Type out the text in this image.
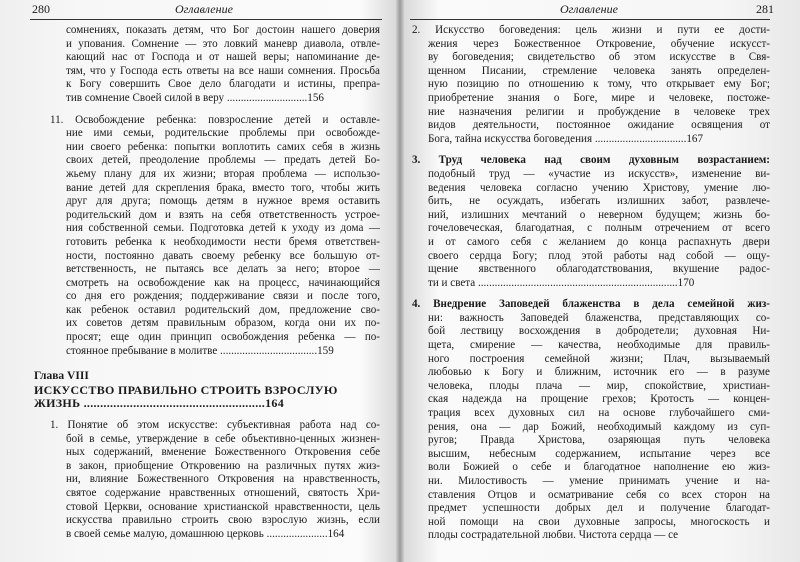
280	Оглавление
сомнениях, показать детям, что Бог достоин нашего доверия
и упования. Сомнение — это ловкий маневр диавола, отвле-
кающий нас от Господа и от нашей веры; напоминание де-
тям, что у Господа есть ответы на все наши сомнения. Просьба
к Богу совершить Свое дело благодати и истины, препра-
тив сомнение Своей силой в веру .............................156
11. Освобождение ребенка: повзросление детей и оставле-
ние ими семьи, родительские проблемы при освобожде-
нии своего ребенка: попытки воплотить самих себя в жизнь
своих детей, преодоление проблемы — предать детей Бо-
жьему плану для их жизни; вторая проблема — использо-
вание детей для скрепления брака, вместо того, чтобы жить
друг для друга; помощь детям в нужное время оставить
родительский дом и взять на себя ответственность устроe-
ния собственной семьи. Подготовка детей к уходу из дома —
готовить ребенка к необходимости нести бремя ответствен-
ности, постоянно давать своему ребенку все большую от-
ветственность, не пытаясь все делать за него; второе —
смотреть на освобождение как на процесс, начинающийся
со дня его рождения; поддерживание связи и после того,
как ребенок оставил родительский дом, предложение сво-
их советов детям правильным образом, когда они их по-
просят; еще один принцип освобождения ребенка — по-
стоянное пребывание в молитве ...................................159
Глава VIII
ИСКУССТВО ПРАВИЛЬНО СТРОИТЬ ВЗРОСЛУЮ
ЖИЗНЬ .......................................................164
1. Понятие об этом искусстве: субъективная работа над со-
бой в семье, утверждение в себе объективно-ценных жизнен-
ных содержаний, вменение Божественного Откровения себе
в закон, приобщение Откровению на различных путях жиз-
ни, влияние Божественного Откровения на нравственность,
святое содержание нравственных отношений, святость Хри-
стовой Церкви, основание христианской нравственности, цель
искусства правильно строить свою взрослую жизнь, если
в своей семье малую, домашнюю церковь ......................164
Оглавление	281
2. Искусство боговедения: цель жизни и пути ее дости-
жения через Божественное Откровение, обучение искусст-
ву боговедения; свидетельство об этом искусстве в Свя-
щенном Писании, стремление человека занять определен-
ную позицию по отношению к тому, что открывает ему Бог;
приобретение знания о Боге, мире и человеке, постоже-
ние назначения религии и пробуждение в человеке трех
видов деятельности, постоянное ожидание освящения от
Бога, тайна искусства боговедения .................................167
3. Труд человека над своим духовным возрастанием:
подобный труд — «участие из искусств», изменение ви-
ведения человека согласно учению Христову, умение лю-
бить, не осуждать, избегать излишних забот, развлече-
ний, излишних мечтаний о неверном будущем; жизнь бо-
гочеловеческая, благодатная, с полным отречением от всего
и от самого себя с желанием до конца распахнуть двери
своего сердца Богу; плод этой работы над собой — ощу-
щение явственного облагодатствования, вкушение радос-
ти и света ........................................................................170
4. Внедрение Заповедей блаженства в дела семейной жиз-
ни: важность Заповедей блаженства, представляющих со-
бой лествицу восхождения в добродетели; духовная Ни-
щета, смирение — качества, необходимые для правиль-
ного построения семейной жизни; Плач, вызываемый
любовью к Богу и ближним, источник его — в разуме
человека, плоды плача — мир, спокойствие, христиан-
ская надежда на прощение грехов; Кротость — концен-
трация всех духовных сил на основе глубочайшего сми-
рения, она — дар Божий, необходимый каждому из суп-
ругов; Правда Христова, озаряющая путь человека
высшим, небесным содержанием, испытание через все
воли Божией о себе и благодатное наполнение ею жиз-
ни. Милостивость — умение принимать учение и на-
ставления Отцов и осматривание себя со всех сторон на
предмет успешности добрых дел и получение благодат-
ной помощи на свои духовные запросы, многоскость и
плоды сострадательной любви. Чистота сердца — се
